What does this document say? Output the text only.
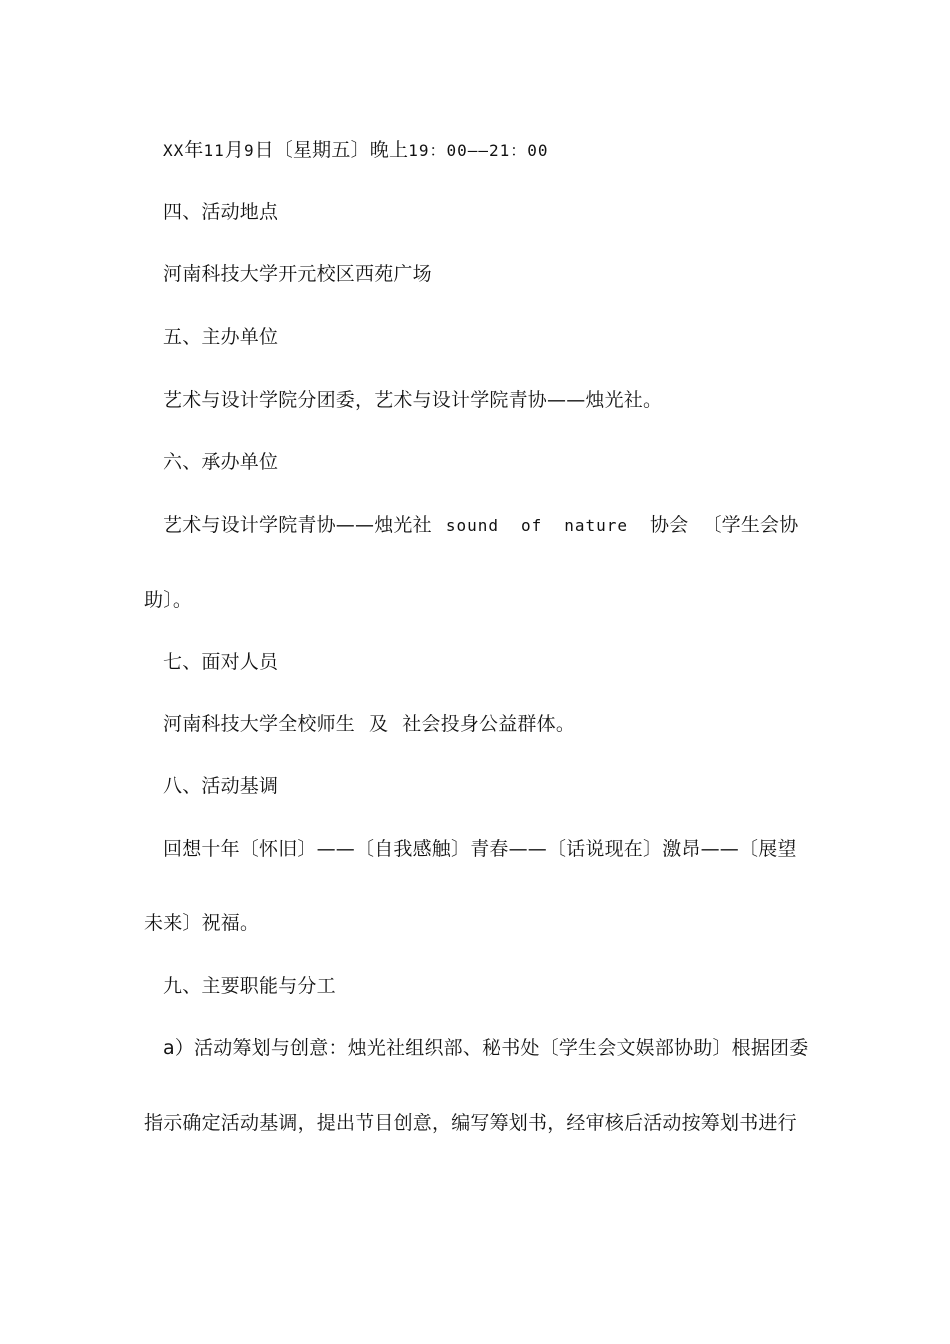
XX年11月9日〔星期五〕晚上19：00——21：00
四、活动地点
河南科技大学开元校区西苑广场
五、主办单位
艺术与设计学院分团委，艺术与设计学院青协——烛光社。
六、承办单位
艺术与设计学院青协——烛光社 sound of nature 协会 〔学生会协
助〕。
七、面对人员
河南科技大学全校师生 及 社会投身公益群体。
八、活动基调
回想十年〔怀旧〕——〔自我感触〕青春——〔话说现在〕激昂——〔展望
未来〕祝福。
九、主要职能与分工
a）活动筹划与创意：烛光社组织部、秘书处〔学生会文娱部协助〕根据团委
指示确定活动基调，提出节目创意，编写筹划书，经审核后活动按筹划书进行
